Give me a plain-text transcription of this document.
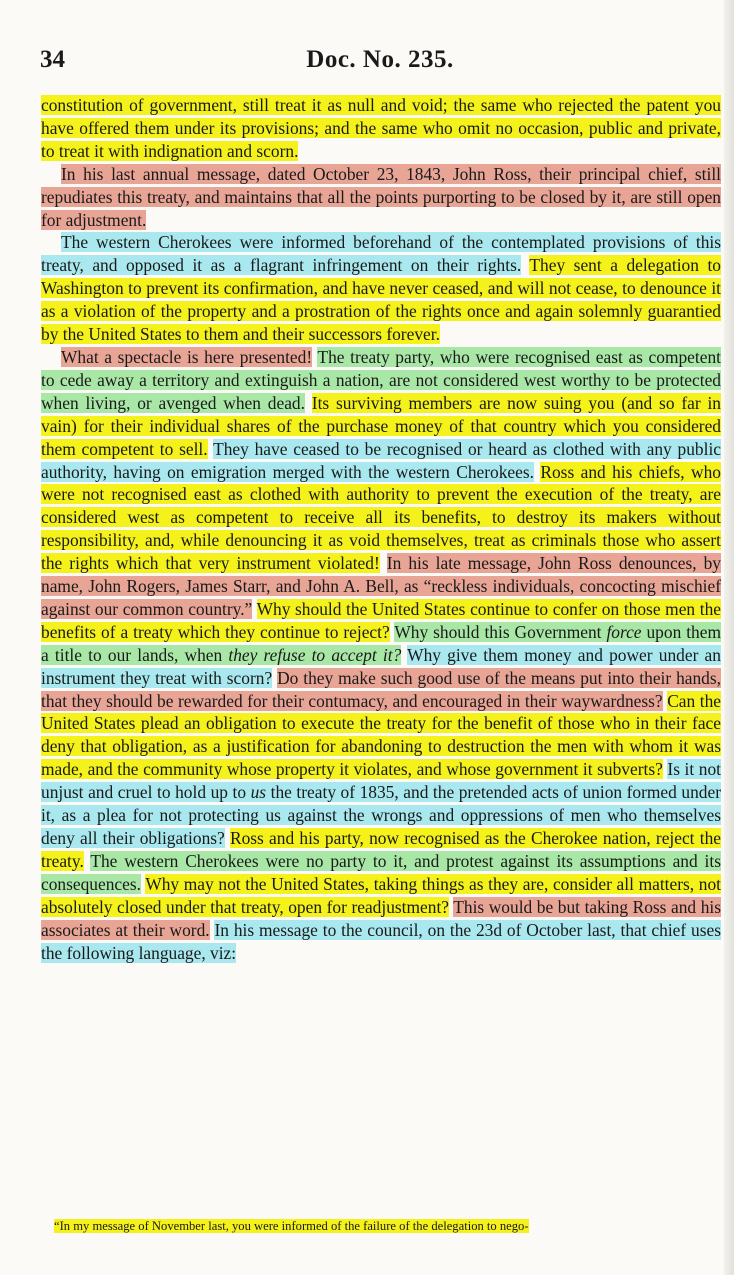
34	Doc. No. 235.

constitution of government, still treat it as null and void; the same who rejected the patent you have offered them under its provisions; and the same who omit no occasion, public and private, to treat it with indignation and scorn.

In his last annual message, dated October 23, 1843, John Ross, their principal chief, still repudiates this treaty, and maintains that all the points purporting to be closed by it, are still open for adjustment.

The western Cherokees were informed beforehand of the contemplated provisions of this treaty, and opposed it as a flagrant infringement on their rights. They sent a delegation to Washington to prevent its confirmation, and have never ceased, and will not cease, to denounce it as a violation of the property and a prostration of the rights once and again solemnly guarantied by the United States to them and their successors forever.

What a spectacle is here presented! The treaty party, who were recognised east as competent to cede away a territory and extinguish a nation, are not considered west worthy to be protected when living, or avenged when dead. Its surviving members are now suing you (and so far in vain) for their individual shares of the purchase money of that country which you considered them competent to sell. They have ceased to be recognised or heard as clothed with any public authority, having on emigration merged with the western Cherokees. Ross and his chiefs, who were not recognised east as clothed with authority to prevent the execution of the treaty, are considered west as competent to receive all its benefits, to destroy its makers without responsibility, and, while denouncing it as void themselves, treat as criminals those who assert the rights which that very instrument violated! In his late message, John Ross denounces, by name, John Rogers, James Starr, and John A. Bell, as “reckless individuals, concocting mischief against our common country.” Why should the United States continue to confer on those men the benefits of a treaty which they continue to reject? Why should this Government force upon them a title to our lands, when they refuse to accept it? Why give them money and power under an instrument they treat with scorn? Do they make such good use of the means put into their hands, that they should be rewarded for their contumacy, and encouraged in their waywardness? Can the United States plead an obligation to execute the treaty for the benefit of those who in their face deny that obligation, as a justification for abandoning to destruction the men with whom it was made, and the community whose property it violates, and whose government it subverts? Is it not unjust and cruel to hold up to us the treaty of 1835, and the pretended acts of union formed under it, as a plea for not protecting us against the wrongs and oppressions of men who themselves deny all their obligations? Ross and his party, now recognised as the Cherokee nation, reject the treaty. The western Cherokees were no party to it, and protest against its assumptions and its consequences. Why may not the United States, taking things as they are, consider all matters, not absolutely closed under that treaty, open for readjustment? This would be but taking Ross and his associates at their word. In his message to the council, on the 23d of October last, that chief uses the following language, viz:

“In my message of November last, you were informed of the failure of the delegation to nego-
